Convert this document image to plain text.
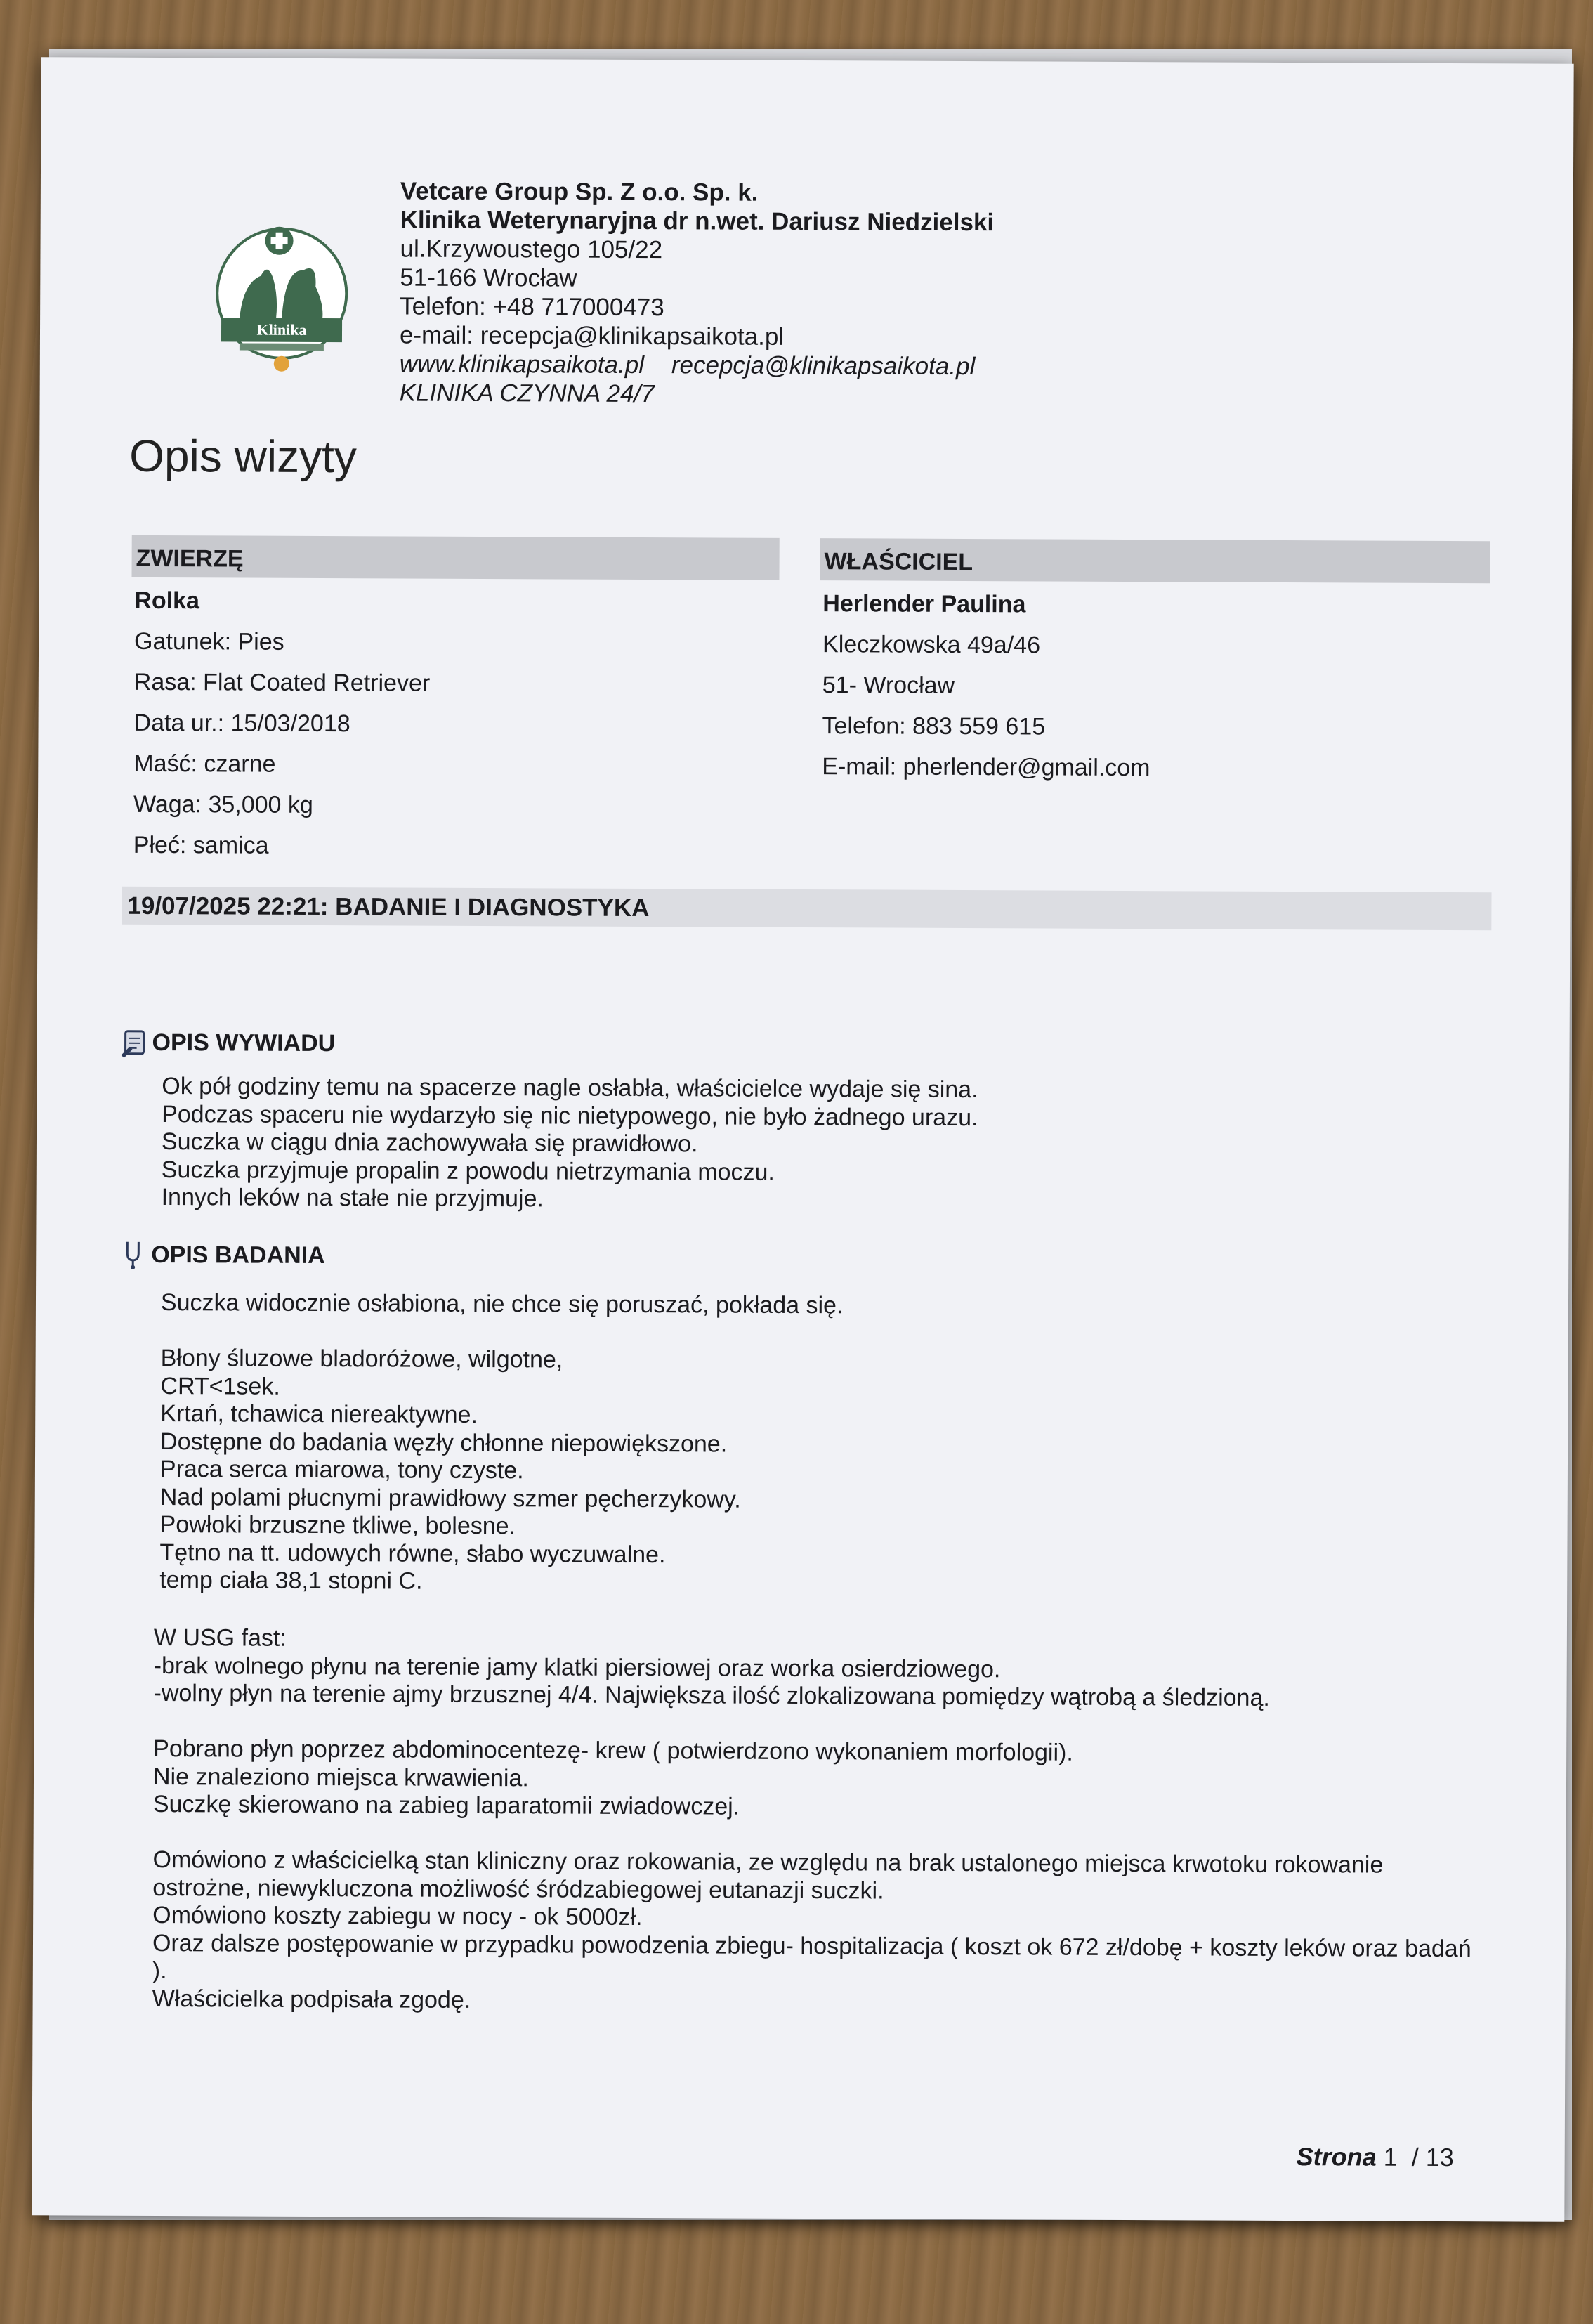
Klinika
Vetcare Group Sp. Z o.o. Sp. k.
Klinika Weterynaryjna dr n.wet. Dariusz Niedzielski
ul.Krzywoustego 105/22
51-166 Wrocław
Telefon: +48 717000473
e-mail: recepcja@klinikapsaikota.pl
www.klinikapsaikota.pl recepcja@klinikapsaikota.pl
KLINIKA CZYNNA 24/7
Opis wizyty
ZWIERZĘ	WŁAŚCICIEL
Rolka
Gatunek: Pies
Rasa: Flat Coated Retriever
Data ur.: 15/03/2018
Maść: czarne
Waga: 35,000 kg
Płeć: samica
Herlender Paulina
Kleczkowska 49a/46
51- Wrocław
Telefon: 883 559 615
E-mail: pherlender@gmail.com
19/07/2025 22:21: BADANIE I DIAGNOSTYKA
OPIS WYWIADU
Ok pół godziny temu na spacerze nagle osłabła, właścicielce wydaje się sina.
Podczas spaceru nie wydarzyło się nic nietypowego, nie było żadnego urazu.
Suczka w ciągu dnia zachowywała się prawidłowo.
Suczka przyjmuje propalin z powodu nietrzymania moczu.
Innych leków na stałe nie przyjmuje.
OPIS BADANIA
Suczka widocznie osłabiona, nie chce się poruszać, pokłada się.

Błony śluzowe bladoróżowe, wilgotne,
CRT<1sek.
Krtań, tchawica niereaktywne.
Dostępne do badania węzły chłonne niepowiększone.
Praca serca miarowa, tony czyste.
Nad polami płucnymi prawidłowy szmer pęcherzykowy.
Powłoki brzuszne tkliwe, bolesne.
Tętno na tt. udowych równe, słabo wyczuwalne.
temp ciała 38,1 stopni C.
W USG fast:
-brak wolnego płynu na terenie jamy klatki piersiowej oraz worka osierdziowego.
-wolny płyn na terenie ajmy brzusznej 4/4. Największa ilość zlokalizowana pomiędzy wątrobą a śledzioną.

Pobrano płyn poprzez abdominocentezę- krew ( potwierdzono wykonaniem morfologii).
Nie znaleziono miejsca krwawienia.
Suczkę skierowano na zabieg laparatomii zwiadowczej.

Omówiono z właścicielką stan kliniczny oraz rokowania, ze względu na brak ustalonego miejsca krwotoku rokowanie ostrożne, niewykluczona możliwość śródzabiegowej eutanazji suczki.
Omówiono koszty zabiegu w nocy - ok 5000zł.
Oraz dalsze postępowanie w przypadku powodzenia zbiegu- hospitalizacja ( koszt ok 672 zł/dobę + koszty leków oraz badań ).
Właścicielka podpisała zgodę.
Strona 1 / 13
